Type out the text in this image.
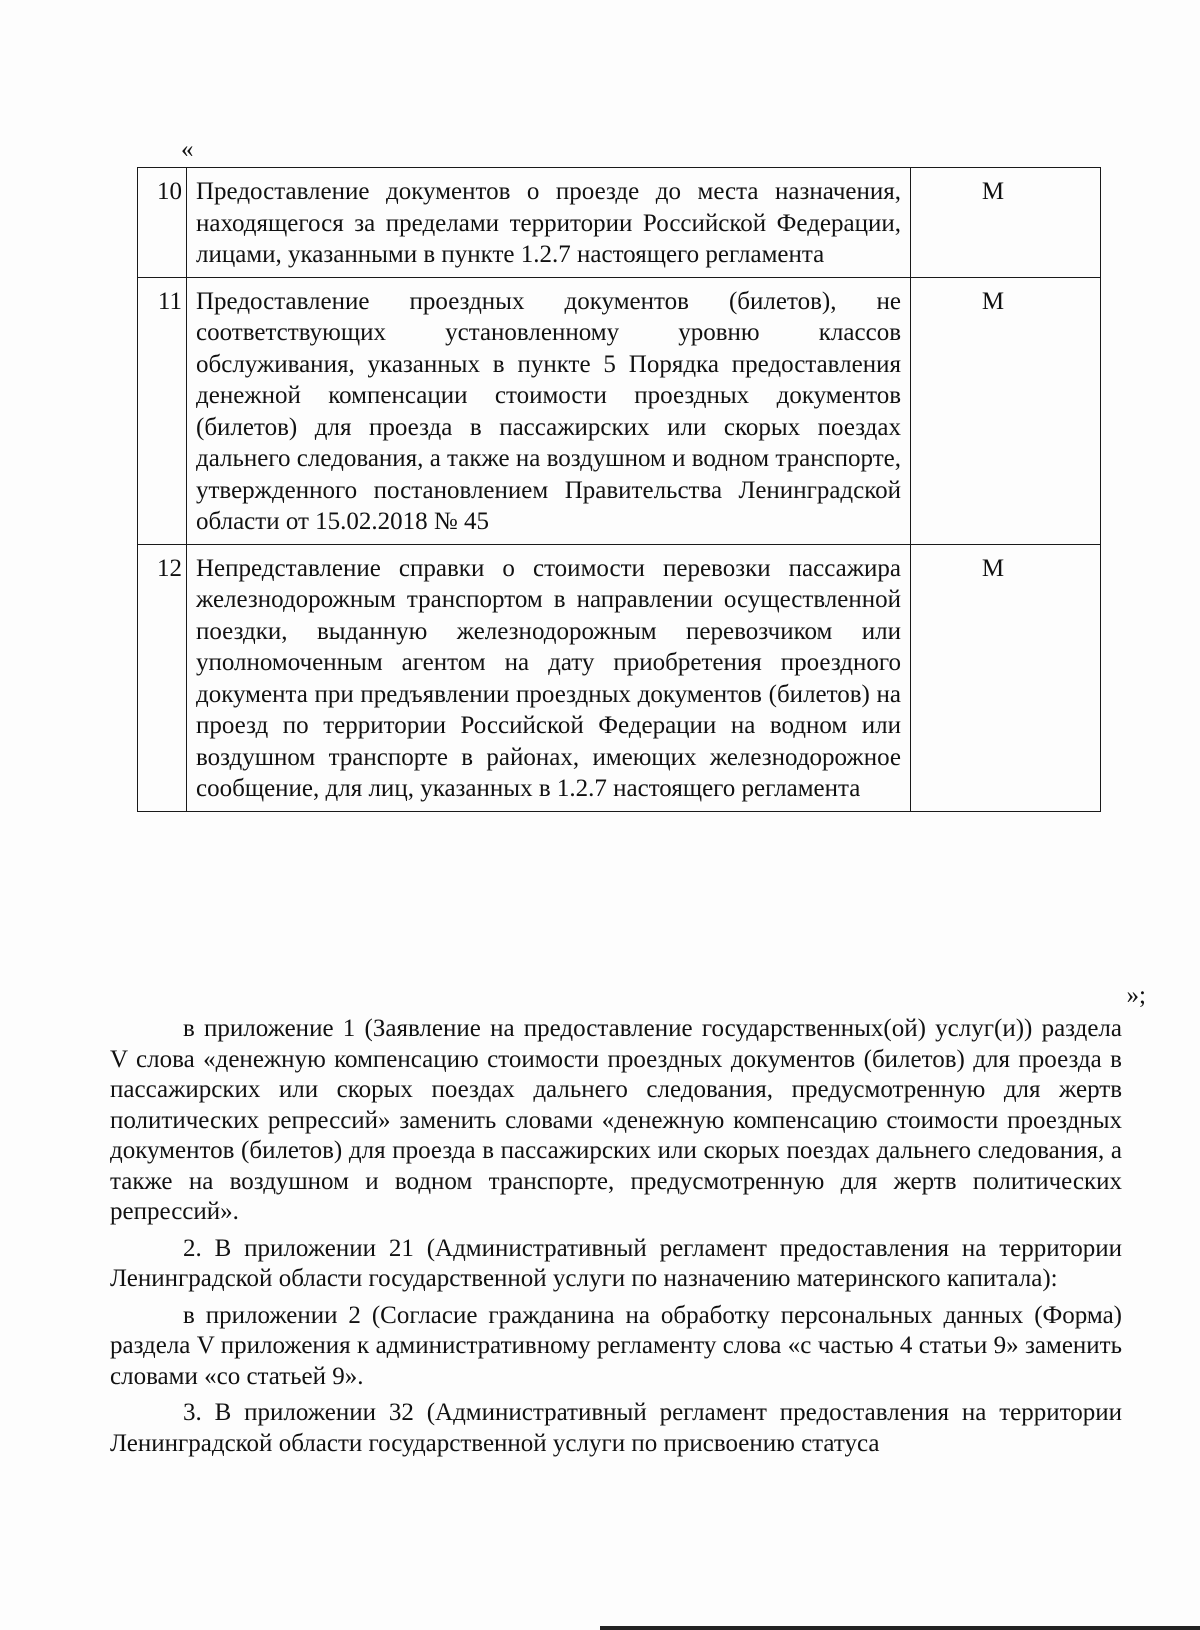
«
10	Предоставление документов о проезде до места назначения, находящегося за пределами территории Российской Федерации, лицами, указанными в пункте 1.2.7 настоящего регламента	М
11	Предоставление проездных документов (билетов), не соответствующих установленному уровню классов обслуживания, указанных в пункте 5 Порядка предоставления денежной компенсации стоимости проездных документов (билетов) для проезда в пассажирских или скорых поездах дальнего следования, а также на воздушном и водном транспорте, утвержденного постановлением Правительства Ленинградской области от 15.02.2018 № 45	М
12	Непредставление справки о стоимости перевозки пассажира железнодорожным транспортом в направлении осуществленной поездки, выданную железнодорожным перевозчиком или уполномоченным агентом на дату приобретения проездного документа при предъявлении проездных документов (билетов) на проезд по территории Российской Федерации на водном или воздушном транспорте в районах, имеющих железнодорожное сообщение, для лиц, указанных в 1.2.7 настоящего регламента	М
»;

в приложение 1 (Заявление на предоставление государственных(ой) услуг(и)) раздела V слова «денежную компенсацию стоимости проездных документов (билетов) для проезда в пассажирских или скорых поездах дальнего следования, предусмотренную для жертв политических репрессий» заменить словами «денежную компенсацию стоимости проездных документов (билетов) для проезда в пассажирских или скорых поездах дальнего следования, а также на воздушном и водном транспорте, предусмотренную для жертв политических репрессий».

2. В приложении 21 (Административный регламент предоставления на территории Ленинградской области государственной услуги по назначению материнского капитала):

в приложении 2 (Согласие гражданина на обработку персональных данных (Форма) раздела V приложения к административному регламенту слова «с частью 4 статьи 9» заменить словами «со статьей 9».

3. В приложении 32 (Административный регламент предоставления на территории Ленинградской области государственной услуги по присвоению статуса
